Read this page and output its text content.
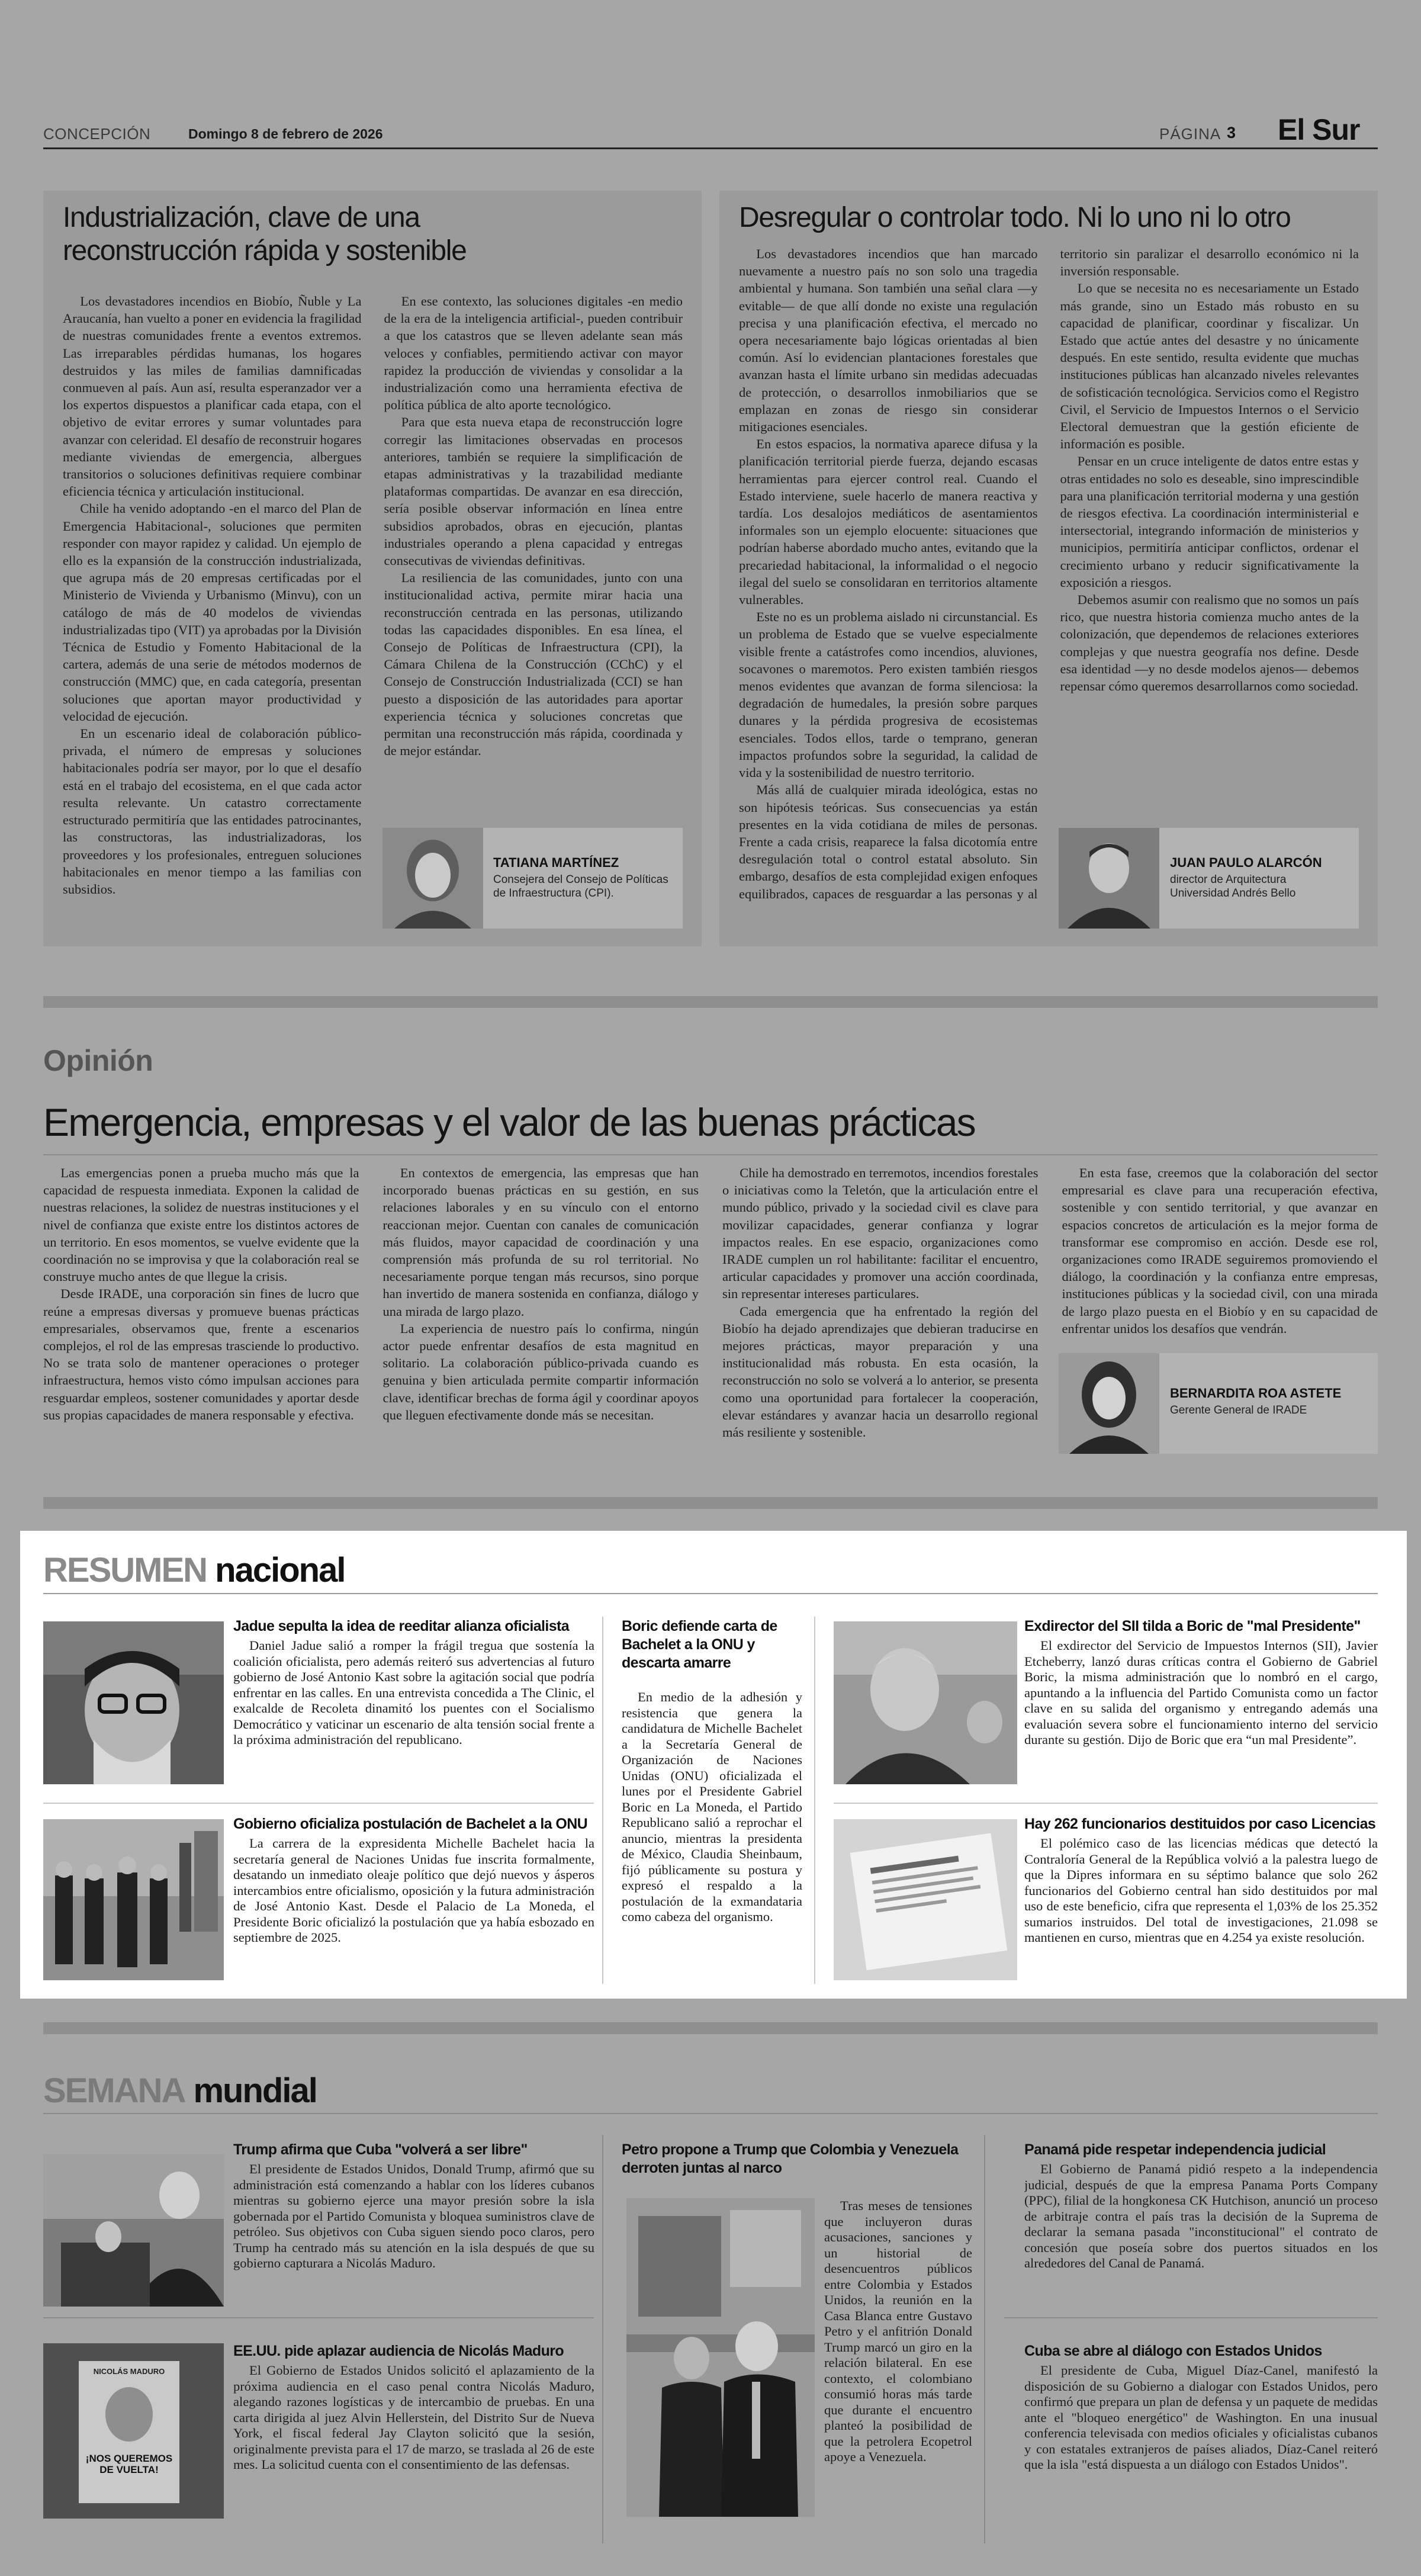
CONCEPCIÓN	Domingo 8 de febrero de 2026	PÁGINA 3 El Sur
Industrialización, clave de una reconstrucción rápida y sostenible

Los devastadores incendios en Biobío, Ñuble y La Araucanía, han vuelto a poner en evidencia la fragilidad de nuestras comunidades frente a eventos extremos. Las irreparables pérdidas humanas, los hogares destruidos y las miles de familias damnificadas conmueven al país. Aun así, resulta esperanzador ver a los expertos dispuestos a planificar cada etapa, con el objetivo de evitar errores y sumar voluntades para avanzar con celeridad. El desafío de reconstruir hogares mediante viviendas de emergencia, albergues transitorios o soluciones definitivas requiere combinar eficiencia técnica y articulación institucional.

Chile ha venido adoptando -en el marco del Plan de Emergencia Habitacional-, soluciones que permiten responder con mayor rapidez y calidad. Un ejemplo de ello es la expansión de la construcción industrializada, que agrupa más de 20 empresas certificadas por el Ministerio de Vivienda y Urbanismo (Minvu), con un catálogo de más de 40 modelos de viviendas industrializadas tipo (VIT) ya aprobadas por la División Técnica de Estudio y Fomento Habitacional de la cartera, además de una serie de métodos modernos de construcción (MMC) que, en cada categoría, presentan soluciones que aportan mayor productividad y velocidad de ejecución.

En un escenario ideal de colaboración público-privada, el número de empresas y soluciones habitacionales podría ser mayor, por lo que el desafío está en el trabajo del ecosistema, en el que cada actor resulta relevante. Un catastro correctamente estructurado permitiría que las entidades patrocinantes, las constructoras, las industrializadoras, los proveedores y los profesionales, entreguen soluciones habitacionales en menor tiempo a las familias con subsidios.

En ese contexto, las soluciones digitales -en medio de la era de la inteligencia artificial-, pueden contribuir a que los catastros que se lleven adelante sean más veloces y confiables, permitiendo activar con mayor rapidez la producción de viviendas y consolidar a la industrialización como una herramienta efectiva de política pública de alto aporte tecnológico.

Para que esta nueva etapa de reconstrucción logre corregir las limitaciones observadas en procesos anteriores, también se requiere la simplificación de etapas administrativas y la trazabilidad mediante plataformas compartidas. De avanzar en esa dirección, sería posible observar información en línea entre subsidios aprobados, obras en ejecución, plantas industriales operando a plena capacidad y entregas consecutivas de viviendas definitivas.

La resiliencia de las comunidades, junto con una institucionalidad activa, permite mirar hacia una reconstrucción centrada en las personas, utilizando todas las capacidades disponibles. En esa línea, el Consejo de Políticas de Infraestructura (CPI), la Cámara Chilena de la Construcción (CChC) y el Consejo de Construcción Industrializada (CCI) se han puesto a disposición de las autoridades para aportar experiencia técnica y soluciones concretas que permitan una reconstrucción más rápida, coordinada y de mejor estándar.

TATIANA MARTÍNEZ
Consejera del Consejo de Políticas de Infraestructura (CPI).
Desregular o controlar todo. Ni lo uno ni lo otro

Los devastadores incendios que han marcado nuevamente a nuestro país no son solo una tragedia ambiental y humana. Son también una señal clara —y evitable— de que allí donde no existe una regulación precisa y una planificación efectiva, el mercado no opera necesariamente bajo lógicas orientadas al bien común. Así lo evidencian plantaciones forestales que avanzan hasta el límite urbano sin medidas adecuadas de protección, o desarrollos inmobiliarios que se emplazan en zonas de riesgo sin considerar mitigaciones esenciales.

En estos espacios, la normativa aparece difusa y la planificación territorial pierde fuerza, dejando escasas herramientas para ejercer control real. Cuando el Estado interviene, suele hacerlo de manera reactiva y tardía. Los desalojos mediáticos de asentamientos informales son un ejemplo elocuente: situaciones que podrían haberse abordado mucho antes, evitando que la precariedad habitacional, la informalidad o el negocio ilegal del suelo se consolidaran en territorios altamente vulnerables.

Este no es un problema aislado ni circunstancial. Es un problema de Estado que se vuelve especialmente visible frente a catástrofes como incendios, aluviones, socavones o maremotos. Pero existen también riesgos menos evidentes que avanzan de forma silenciosa: la degradación de humedales, la presión sobre parques dunares y la pérdida progresiva de ecosistemas esenciales. Todos ellos, tarde o temprano, generan impactos profundos sobre la seguridad, la calidad de vida y la sostenibilidad de nuestro territorio.

Más allá de cualquier mirada ideológica, estas no son hipótesis teóricas. Sus consecuencias ya están presentes en la vida cotidiana de miles de personas. Frente a cada crisis, reaparece la falsa dicotomía entre desregulación total o control estatal absoluto. Sin embargo, desafíos de esta complejidad exigen enfoques equilibrados, capaces de resguardar a las personas y al territorio sin paralizar el desarrollo económico ni la inversión responsable.

Lo que se necesita no es necesariamente un Estado más grande, sino un Estado más robusto en su capacidad de planificar, coordinar y fiscalizar. Un Estado que actúe antes del desastre y no únicamente después. En este sentido, resulta evidente que muchas instituciones públicas han alcanzado niveles relevantes de sofisticación tecnológica. Servicios como el Registro Civil, el Servicio de Impuestos Internos o el Servicio Electoral demuestran que la gestión eficiente de información es posible.

Pensar en un cruce inteligente de datos entre estas y otras entidades no solo es deseable, sino imprescindible para una planificación territorial moderna y una gestión de riesgos efectiva. La coordinación interministerial e intersectorial, integrando información de ministerios y municipios, permitiría anticipar conflictos, ordenar el crecimiento urbano y reducir significativamente la exposición a riesgos.

Debemos asumir con realismo que no somos un país rico, que nuestra historia comienza mucho antes de la colonización, que dependemos de relaciones exteriores complejas y que nuestra geografía nos define. Desde esa identidad —y no desde modelos ajenos— debemos repensar cómo queremos desarrollarnos como sociedad.

JUAN PAULO ALARCÓN
director de Arquitectura Universidad Andrés Bello
Opinión
Emergencia, empresas y el valor de las buenas prácticas

Las emergencias ponen a prueba mucho más que la capacidad de respuesta inmediata. Exponen la calidad de nuestras relaciones, la solidez de nuestras instituciones y el nivel de confianza que existe entre los distintos actores de un territorio. En esos momentos, se vuelve evidente que la coordinación no se improvisa y que la colaboración real se construye mucho antes de que llegue la crisis.

Desde IRADE, una corporación sin fines de lucro que reúne a empresas diversas y promueve buenas prácticas empresariales, observamos que, frente a escenarios complejos, el rol de las empresas trasciende lo productivo. No se trata solo de mantener operaciones o proteger infraestructura, hemos visto cómo impulsan acciones para resguardar empleos, sostener comunidades y aportar desde sus propias capacidades de manera responsable y efectiva.

En contextos de emergencia, las empresas que han incorporado buenas prácticas en su gestión, en sus relaciones laborales y en su vínculo con el entorno reaccionan mejor. Cuentan con canales de comunicación más fluidos, mayor capacidad de coordinación y una comprensión más profunda de su rol territorial. No necesariamente porque tengan más recursos, sino porque han invertido de manera sostenida en confianza, diálogo y una mirada de largo plazo.

La experiencia de nuestro país lo confirma, ningún actor puede enfrentar desafíos de esta magnitud en solitario. La colaboración público-privada cuando es genuina y bien articulada permite compartir información clave, identificar brechas de forma ágil y coordinar apoyos que lleguen efectivamente donde más se necesitan.

Chile ha demostrado en terremotos, incendios forestales o iniciativas como la Teletón, que la articulación entre el mundo público, privado y la sociedad civil es clave para movilizar capacidades, generar confianza y lograr impactos reales. En ese espacio, organizaciones como IRADE cumplen un rol habilitante: facilitar el encuentro, articular capacidades y promover una acción coordinada, sin representar intereses particulares.

Cada emergencia que ha enfrentado la región del Biobío ha dejado aprendizajes que debieran traducirse en mejores prácticas, mayor preparación y una institucionalidad más robusta. En esta ocasión, la reconstrucción no solo se volverá a lo anterior, se presenta como una oportunidad para fortalecer la cooperación, elevar estándares y avanzar hacia un desarrollo regional más resiliente y sostenible.

En esta fase, creemos que la colaboración del sector empresarial es clave para una recuperación efectiva, sostenible y con sentido territorial, y que avanzar en espacios concretos de articulación es la mejor forma de transformar ese compromiso en acción. Desde ese rol, organizaciones como IRADE seguiremos promoviendo el diálogo, la coordinación y la confianza entre empresas, instituciones públicas y la sociedad civil, con una mirada de largo plazo puesta en el Biobío y en su capacidad de enfrentar unidos los desafíos que vendrán.

BERNARDITA ROA ASTETE
Gerente General de IRADE
RESUMEN nacional
Jadue sepulta la idea de reeditar alianza oficialista

Daniel Jadue salió a romper la frágil tregua que sostenía la coalición oficialista, pero además reiteró sus advertencias al futuro gobierno de José Antonio Kast sobre la agitación social que podría enfrentar en las calles. En una entrevista concedida a The Clinic, el exalcalde de Recoleta dinamitó los puentes con el Socialismo Democrático y vaticinar un escenario de alta tensión social frente a la próxima administración del republicano.

Gobierno oficializa postulación de Bachelet a la ONU

La carrera de la expresidenta Michelle Bachelet hacia la secretaría general de Naciones Unidas fue inscrita formalmente, desatando un inmediato oleaje político que dejó nuevos y ásperos intercambios entre oficialismo, oposición y la futura administración de José Antonio Kast. Desde el Palacio de La Moneda, el Presidente Boric oficializó la postulación que ya había esbozado en septiembre de 2025.

Boric defiende carta de Bachelet a la ONU y descarta amarre

En medio de la adhesión y resistencia que genera la candidatura de Michelle Bachelet a la Secretaría General de Organización de Naciones Unidas (ONU) oficializada el lunes por el Presidente Gabriel Boric en La Moneda, el Partido Republicano salió a reprochar el anuncio, mientras la presidenta de México, Claudia Sheinbaum, fijó públicamente su postura y expresó el respaldo a la postulación de la exmandataria como cabeza del organismo.

Exdirector del SII tilda a Boric de "mal Presidente"

El exdirector del Servicio de Impuestos Internos (SII), Javier Etcheberry, lanzó duras críticas contra el Gobierno de Gabriel Boric, la misma administración que lo nombró en el cargo, apuntando a la influencia del Partido Comunista como un factor clave en su salida del organismo y entregando además una evaluación severa sobre el funcionamiento interno del servicio durante su gestión. Dijo de Boric que era “un mal Presidente”.

Hay 262 funcionarios destituidos por caso Licencias

El polémico caso de las licencias médicas que detectó la Contraloría General de la República volvió a la palestra luego de que la Dipres informara en su séptimo balance que solo 262 funcionarios del Gobierno central han sido destituidos por mal uso de este beneficio, cifra que representa el 1,03% de los 25.352 sumarios instruidos. Del total de investigaciones, 21.098 se mantienen en curso, mientras que en 4.254 ya existe resolución.

SEMANA mundial
Trump afirma que Cuba "volverá a ser libre"

El presidente de Estados Unidos, Donald Trump, afirmó que su administración está comenzando a hablar con los líderes cubanos mientras su gobierno ejerce una mayor presión sobre la isla gobernada por el Partido Comunista y bloquea suministros clave de petróleo. Sus objetivos con Cuba siguen siendo poco claros, pero Trump ha centrado más su atención en la isla después de que su gobierno capturara a Nicolás Maduro.

NICOLÁS MADURO
¡NOS QUEREMOS DE VUELTA!
EE.UU. pide aplazar audiencia de Nicolás Maduro

El Gobierno de Estados Unidos solicitó el aplazamiento de la próxima audiencia en el caso penal contra Nicolás Maduro, alegando razones logísticas y de intercambio de pruebas. En una carta dirigida al juez Alvin Hellerstein, del Distrito Sur de Nueva York, el fiscal federal Jay Clayton solicitó que la sesión, originalmente prevista para el 17 de marzo, se traslada al 26 de este mes. La solicitud cuenta con el consentimiento de las defensas.

Petro propone a Trump que Colombia y Venezuela derroten juntas al narco

Tras meses de tensiones que incluyeron duras acusaciones, sanciones y un historial de desencuentros públicos entre Colombia y Estados Unidos, la reunión en la Casa Blanca entre Gustavo Petro y el anfitrión Donald Trump marcó un giro en la relación bilateral. En ese contexto, el colombiano consumió horas más tarde que durante el encuentro planteó la posibilidad de que la petrolera Ecopetrol apoye a Venezuela.

Panamá pide respetar independencia judicial

El Gobierno de Panamá pidió respeto a la independencia judicial, después de que la empresa Panama Ports Company (PPC), filial de la hongkonesa CK Hutchison, anunció un proceso de arbitraje contra el país tras la decisión de la Suprema de declarar la semana pasada "inconstitucional" el contrato de concesión que poseía sobre dos puertos situados en los alrededores del Canal de Panamá.

Cuba se abre al diálogo con Estados Unidos

El presidente de Cuba, Miguel Díaz-Canel, manifestó la disposición de su Gobierno a dialogar con Estados Unidos, pero confirmó que prepara un plan de defensa y un paquete de medidas ante el "bloqueo energético" de Washington. En una inusual conferencia televisada con medios oficiales y oficialistas cubanos y con estatales extranjeros de países aliados, Díaz-Canel reiteró que la isla "está dispuesta a un diálogo con Estados Unidos".
